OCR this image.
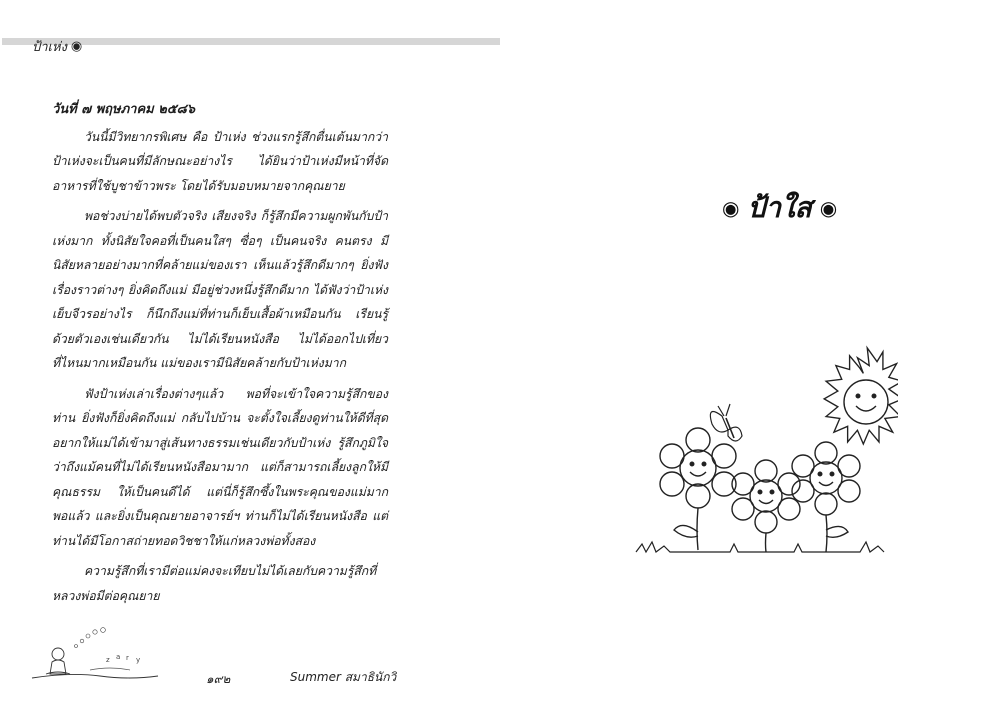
ป้าเห่ง ◉

วันที่ ๗ พฤษภาคม ๒๕๘๖

วันนี้มีวิทยากรพิเศษ คือ ป้าเห่ง ช่วงแรกรู้สึกตื่นเต้นมากว่าป้าเห่งจะเป็นคนที่มีลักษณะอย่างไร ได้ยินว่าป้าเห่งมีหน้าที่จัดอาหารที่ใช้บูชาข้าวพระ โดยได้รับมอบหมายจากคุณยาย

พอช่วงบ่ายได้พบตัวจริง เสียงจริง ก็รู้สึกมีความผูกพันกับป้าเห่งมาก ทั้งนิสัยใจคอที่เป็นคนใสๆ ซื่อๆ เป็นคนจริง คนตรง มีนิสัยหลายอย่างมากที่คล้ายแม่ของเรา เห็นแล้วรู้สึกดีมากๆ ยิ่งฟังเรื่องราวต่างๆ ยิ่งคิดถึงแม่ มีอยู่ช่วงหนึ่งรู้สึกดีมาก ได้ฟังว่าป้าเห่งเย็บจีวรอย่างไร ก็นึกถึงแม่ที่ท่านก็เย็บเสื้อผ้าเหมือนกัน เรียนรู้ด้วยตัวเองเช่นเดียวกัน ไม่ได้เรียนหนังสือ ไม่ได้ออกไปเที่ยวที่ไหนมากเหมือนกัน แม่ของเรามีนิสัยคล้ายกับป้าเห่งมาก

ฟังป้าเห่งเล่าเรื่องต่างๆแล้ว พอที่จะเข้าใจความรู้สึกของท่าน ยิ่งฟังก็ยิ่งคิดถึงแม่ กลับไปบ้าน จะตั้งใจเลี้ยงดูท่านให้ดีที่สุด อยากให้แม่ได้เข้ามาสู่เส้นทางธรรมเช่นเดียวกับป้าเห่ง รู้สึกภูมิใจว่าถึงแม้คนที่ไม่ได้เรียนหนังสือมามาก แต่ก็สามารถเลี้ยงลูกให้มีคุณธรรม ให้เป็นคนดีได้ แต่นี่ก็รู้สึกซึ้งในพระคุณของแม่มากพอแล้ว และยิ่งเป็นคุณยายอาจารย์ฯ ท่านก็ไม่ได้เรียนหนังสือ แต่ท่านได้มีโอกาสถ่ายทอดวิชชาให้แก่หลวงพ่อทั้งสอง

ความรู้สึกที่เรามีต่อแม่คงจะเทียบไม่ได้เลยกับความรู้สึกที่หลวงพ่อมีต่อคุณยาย

z a r y
๑๙๒	Summer สมาธินักวิ
◉ ป้าใส ◉
